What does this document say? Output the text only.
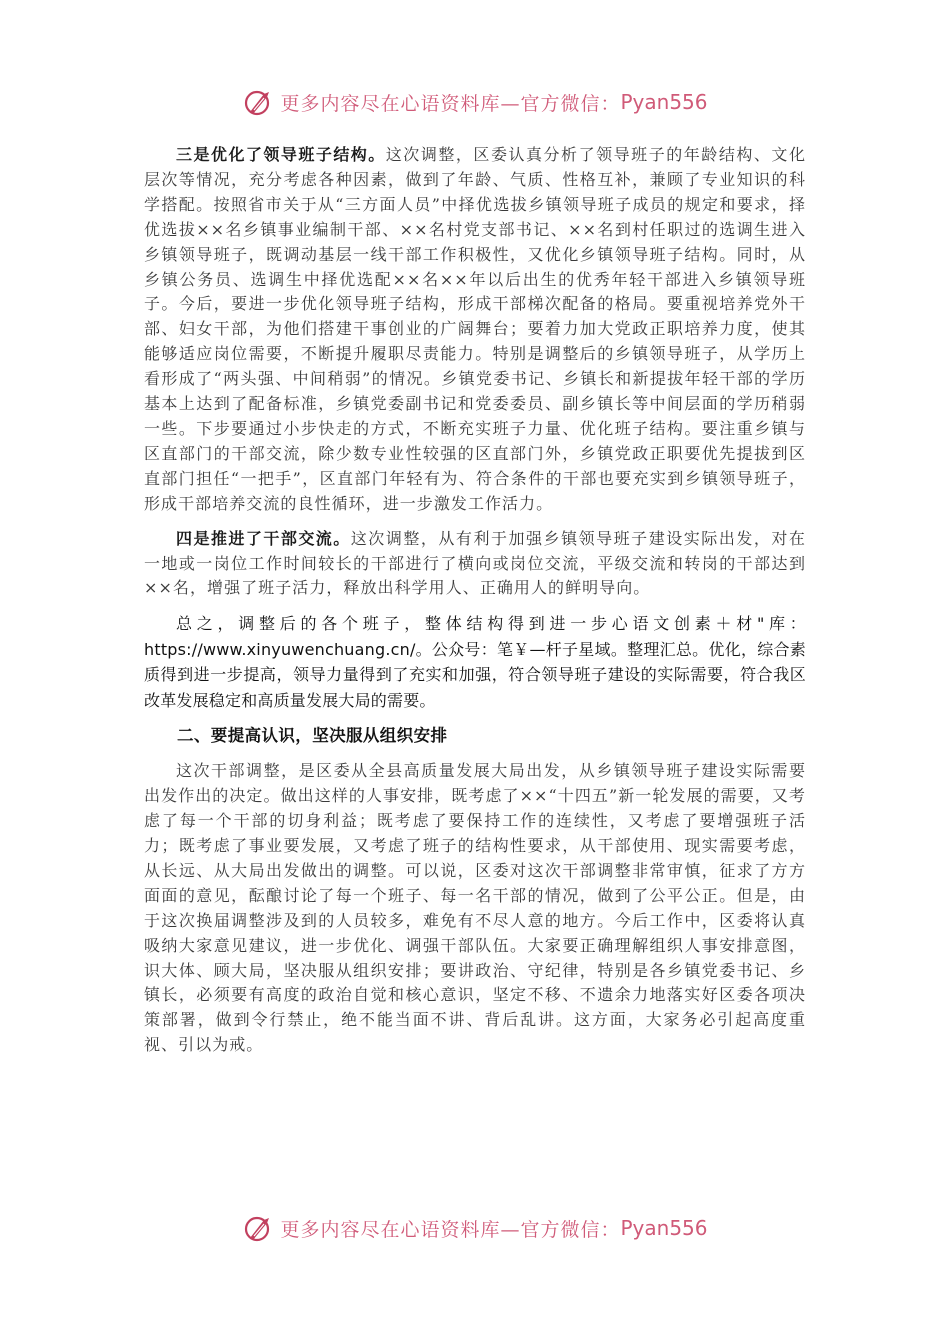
更多内容尽在心语资料库—官方微信： Pyan556

三是优化了领导班子结构。这次调整，区委认真分析了领导班子的年龄结构、文化层次等情况，充分考虑各种因素，做到了年龄、气质、性格互补，兼顾了专业知识的科学搭配。按照省市关于从“三方面人员”中择优选拔乡镇领导班子成员的规定和要求，择优选拔××名乡镇事业编制干部、××名村党支部书记、××名到村任职过的选调生进入乡镇领导班子，既调动基层一线干部工作积极性，又优化乡镇领导班子结构。同时，从乡镇公务员、选调生中择优选配××名××年以后出生的优秀年轻干部进入乡镇领导班子。今后，要进一步优化领导班子结构，形成干部梯次配备的格局。要重视培养党外干部、妇女干部，为他们搭建干事创业的广阔舞台；要着力加大党政正职培养力度，使其能够适应岗位需要，不断提升履职尽责能力。特别是调整后的乡镇领导班子，从学历上看形成了“两头强、中间稍弱”的情况。乡镇党委书记、乡镇长和新提拔年轻干部的学历基本上达到了配备标准，乡镇党委副书记和党委委员、副乡镇长等中间层面的学历稍弱一些。下步要通过小步快走的方式，不断充实班子力量、优化班子结构。要注重乡镇与区直部门的干部交流，除少数专业性较强的区直部门外，乡镇党政正职要优先提拔到区直部门担任“一把手”，区直部门年轻有为、符合条件的干部也要充实到乡镇领导班子，形成干部培养交流的良性循环，进一步激发工作活力。

四是推进了干部交流。这次调整，从有利于加强乡镇领导班子建设实际出发，对在一地或一岗位工作时间较长的干部进行了横向或岗位交流，平级交流和转岗的干部达到××名，增强了班子活力，释放出科学用人、正确用人的鲜明导向。

总之，调整后的各个班子，整体结构得到进一步心语文创素＋材"库：https://www.xinyuwenchuang.cn/。公众号：笔￥—杆子星域。整理汇总。优化，综合素质得到进一步提高，领导力量得到了充实和加强，符合领导班子建设的实际需要，符合我区改革发展稳定和高质量发展大局的需要。

二、要提高认识，坚决服从组织安排

这次干部调整，是区委从全县高质量发展大局出发，从乡镇领导班子建设实际需要出发作出的决定。做出这样的人事安排，既考虑了××“十四五”新一轮发展的需要，又考虑了每一个干部的切身利益；既考虑了要保持工作的连续性，又考虑了要增强班子活力；既考虑了事业要发展，又考虑了班子的结构性要求，从干部使用、现实需要考虑，从长远、从大局出发做出的调整。可以说，区委对这次干部调整非常审慎，征求了方方面面的意见，酝酿讨论了每一个班子、每一名干部的情况，做到了公平公正。但是，由于这次换届调整涉及到的人员较多，难免有不尽人意的地方。今后工作中，区委将认真吸纳大家意见建议，进一步优化、调强干部队伍。大家要正确理解组织人事安排意图，识大体、顾大局，坚决服从组织安排；要讲政治、守纪律，特别是各乡镇党委书记、乡镇长，必须要有高度的政治自觉和核心意识，坚定不移、不遗余力地落实好区委各项决策部署，做到令行禁止，绝不能当面不讲、背后乱讲。这方面，大家务必引起高度重视、引以为戒。

更多内容尽在心语资料库—官方微信： Pyan556
